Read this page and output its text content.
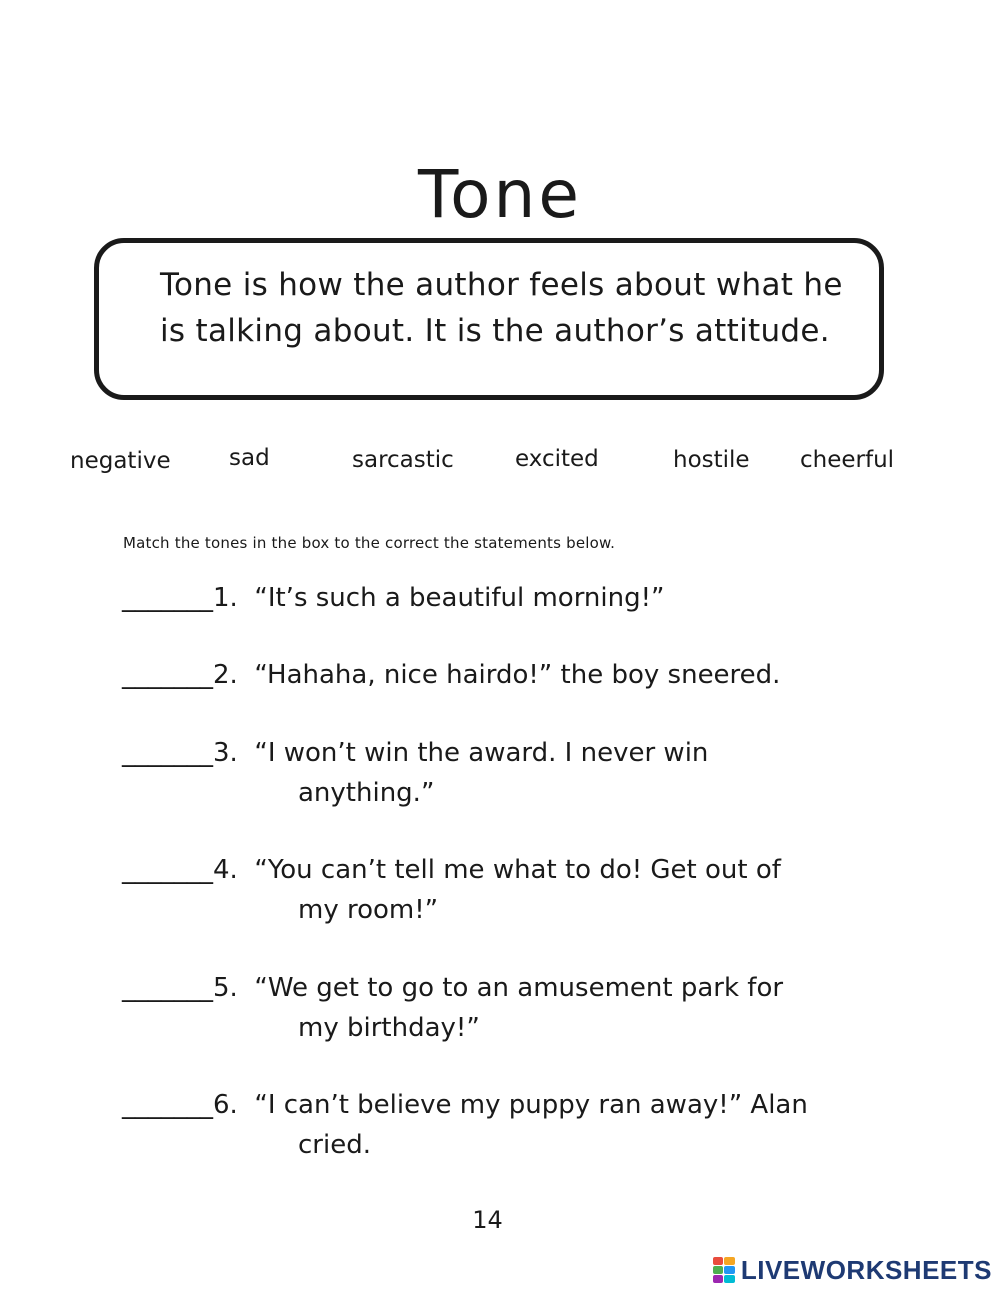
Tone
Tone is how the author feels about what he is talking about. It is the author’s attitude.
negative	sad	sarcastic	excited	hostile cheerful
Match the tones in the box to the correct the statements below.
_______1. “It’s such a beautiful morning!”
_______2. “Hahaha, nice hairdo!” the boy sneered.
_______3. “I won’t win the award. I never win
anything.”
_______4. “You can’t tell me what to do! Get out of
my room!”
_______5. “We get to go to an amusement park for
my birthday!”
_______6. “I can’t believe my puppy ran away!” Alan
cried.
14
LIVEWORKSHEETS
